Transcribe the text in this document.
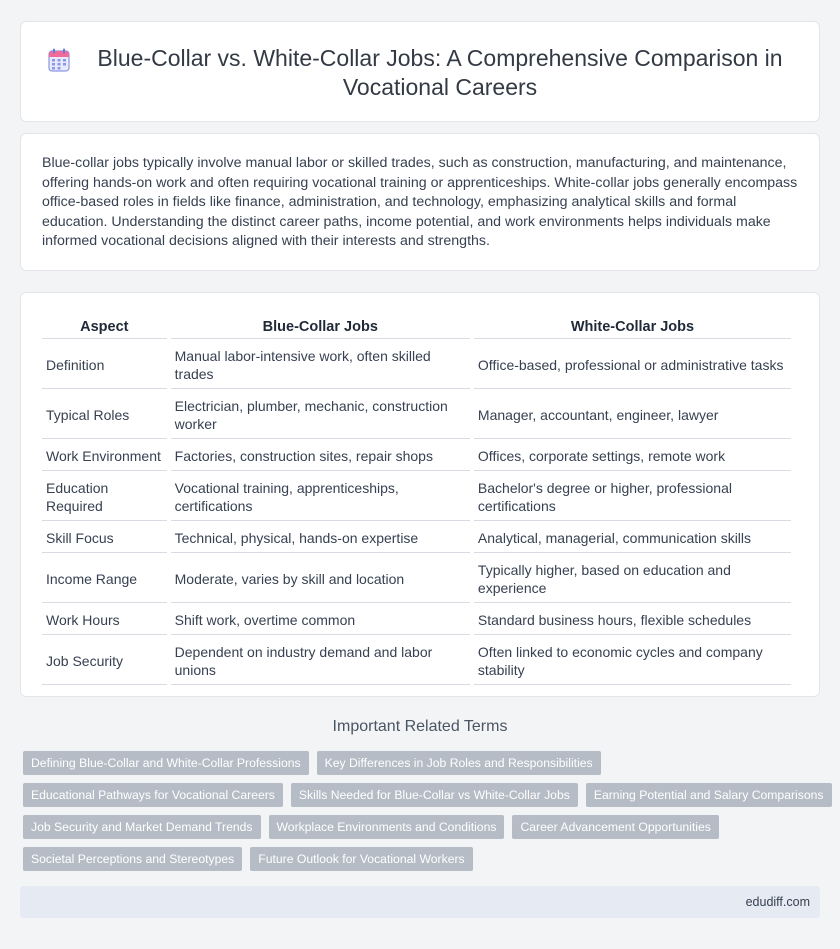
Blue-Collar vs. White-Collar Jobs: A Comprehensive Comparison in Vocational Careers

Blue-collar jobs typically involve manual labor or skilled trades, such as construction, manufacturing, and maintenance, offering hands-on work and often requiring vocational training or apprenticeships. White-collar jobs generally encompass office-based roles in fields like finance, administration, and technology, emphasizing analytical skills and formal education. Understanding the distinct career paths, income potential, and work environments helps individuals make informed vocational decisions aligned with their interests and strengths.

Aspect	Blue-Collar Jobs	White-Collar Jobs
Definition	Manual labor-intensive work, often skilled trades	Office-based, professional or administrative tasks
Typical Roles	Electrician, plumber, mechanic, construction worker	Manager, accountant, engineer, lawyer
Work Environment	Factories, construction sites, repair shops	Offices, corporate settings, remote work
Education Required	Vocational training, apprenticeships, certifications	Bachelor's degree or higher, professional certifications
Skill Focus	Technical, physical, hands-on expertise	Analytical, managerial, communication skills
Income Range	Moderate, varies by skill and location	Typically higher, based on education and experience
Work Hours	Shift work, overtime common	Standard business hours, flexible schedules
Job Security	Dependent on industry demand and labor unions	Often linked to economic cycles and company stability
Important Related Terms
Defining Blue-Collar and White-Collar Professions	Key Differences in Job Roles and Responsibilities
Educational Pathways for Vocational Careers	Skills Needed for Blue-Collar vs White-Collar Jobs	Earning Potential and Salary Comparisons
Job Security and Market Demand Trends	Workplace Environments and Conditions	Career Advancement Opportunities
Societal Perceptions and Stereotypes	Future Outlook for Vocational Workers
edudiff.com
